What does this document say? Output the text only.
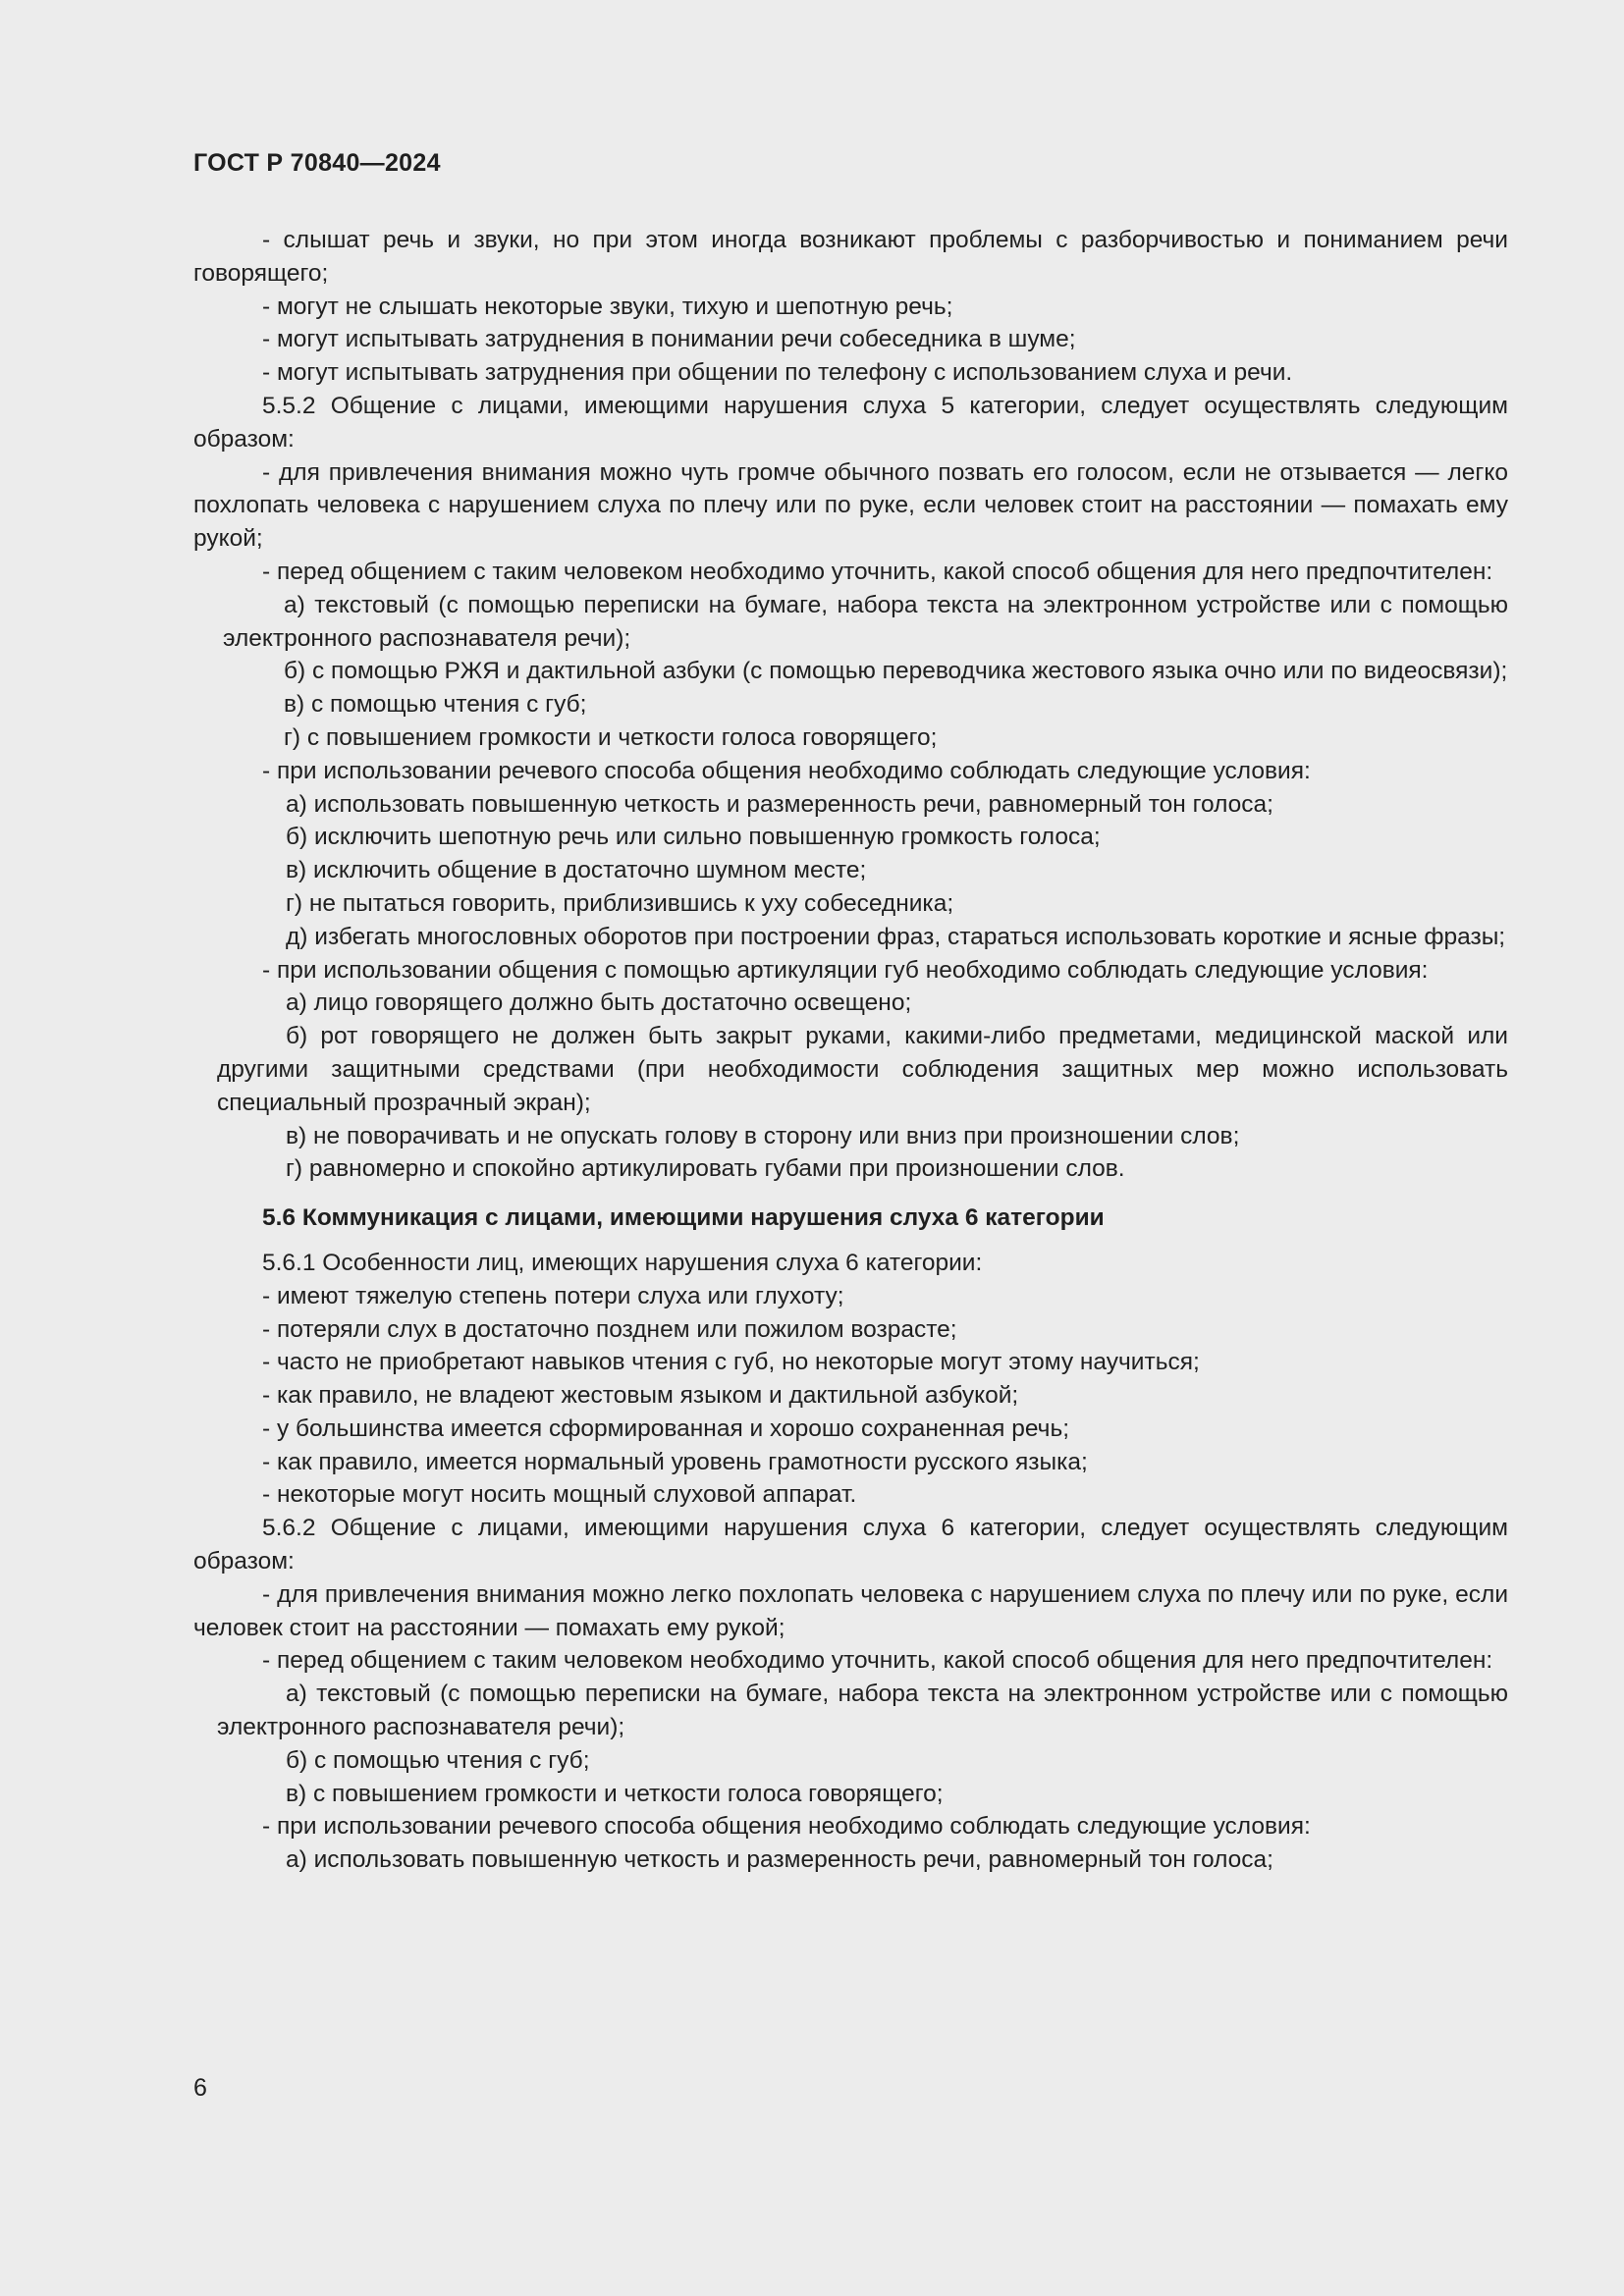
ГОСТ Р 70840—2024

- слышат речь и звуки, но при этом иногда возникают проблемы с разборчивостью и пониманием речи говорящего;

- могут не слышать некоторые звуки, тихую и шепотную речь;

- могут испытывать затруднения в понимании речи собеседника в шуме;

- могут испытывать затруднения при общении по телефону с использованием слуха и речи.

5.5.2 Общение с лицами, имеющими нарушения слуха 5 категории, следует осуществлять следующим образом:

- для привлечения внимания можно чуть громче обычного позвать его голосом, если не отзывается — легко похлопать человека с нарушением слуха по плечу или по руке, если человек стоит на расстоянии — помахать ему рукой;

- перед общением с таким человеком необходимо уточнить, какой способ общения для него предпочтителен:

а) текстовый (с помощью переписки на бумаге, набора текста на электронном устройстве или с помощью электронного распознавателя речи);

б) с помощью РЖЯ и дактильной азбуки (с помощью переводчика жестового языка очно или по видеосвязи);

в) с помощью чтения с губ;

г) с повышением громкости и четкости голоса говорящего;

- при использовании речевого способа общения необходимо соблюдать следующие условия:

а) использовать повышенную четкость и размеренность речи, равномерный тон голоса;

б) исключить шепотную речь или сильно повышенную громкость голоса;

в) исключить общение в достаточно шумном месте;

г) не пытаться говорить, приблизившись к уху собеседника;

д) избегать многословных оборотов при построении фраз, стараться использовать короткие и ясные фразы;

- при использовании общения с помощью артикуляции губ необходимо соблюдать следующие условия:

а) лицо говорящего должно быть достаточно освещено;

б) рот говорящего не должен быть закрыт руками, какими-либо предметами, медицинской маской или другими защитными средствами (при необходимости соблюдения защитных мер можно использовать специальный прозрачный экран);

в) не поворачивать и не опускать голову в сторону или вниз при произношении слов;

г) равномерно и спокойно артикулировать губами при произношении слов.

5.6 Коммуникация с лицами, имеющими нарушения слуха 6 категории

5.6.1 Особенности лиц, имеющих нарушения слуха 6 категории:

- имеют тяжелую степень потери слуха или глухоту;

- потеряли слух в достаточно позднем или пожилом возрасте;

- часто не приобретают навыков чтения с губ, но некоторые могут этому научиться;

- как правило, не владеют жестовым языком и дактильной азбукой;

- у большинства имеется сформированная и хорошо сохраненная речь;

- как правило, имеется нормальный уровень грамотности русского языка;

- некоторые могут носить мощный слуховой аппарат.

5.6.2 Общение с лицами, имеющими нарушения слуха 6 категории, следует осуществлять следующим образом:

- для привлечения внимания можно легко похлопать человека с нарушением слуха по плечу или по руке, если человек стоит на расстоянии — помахать ему рукой;

- перед общением с таким человеком необходимо уточнить, какой способ общения для него предпочтителен:

а) текстовый (с помощью переписки на бумаге, набора текста на электронном устройстве или с помощью электронного распознавателя речи);

б) с помощью чтения с губ;

в) с повышением громкости и четкости голоса говорящего;

- при использовании речевого способа общения необходимо соблюдать следующие условия:

а) использовать повышенную четкость и размеренность речи, равномерный тон голоса;

6
